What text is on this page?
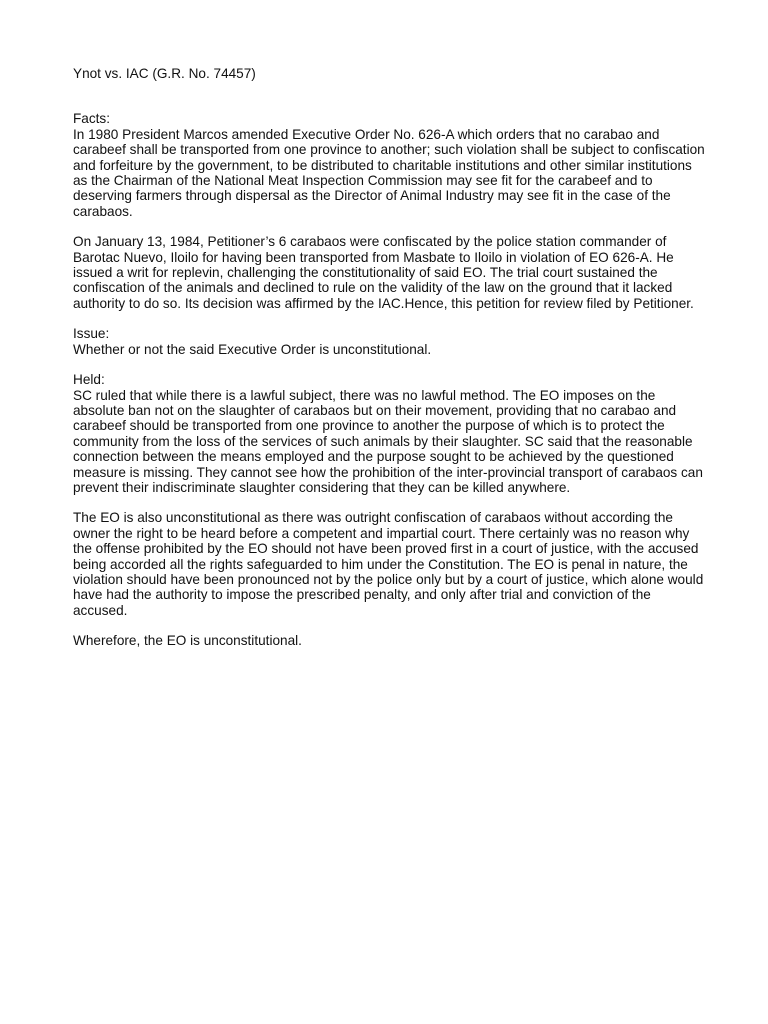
Ynot vs. IAC (G.R. No. 74457)

Facts:

In 1980 President Marcos amended Executive Order No. 626-A which orders that no carabao and carabeef shall be transported from one province to another; such violation shall be subject to confiscation and forfeiture by the government, to be distributed to charitable institutions and other similar institutions as the Chairman of the National Meat Inspection Commission may see fit for the carabeef and to deserving farmers through dispersal as the Director of Animal Industry may see fit in the case of the carabaos.

On January 13, 1984, Petitioner’s 6 carabaos were confiscated by the police station commander of Barotac Nuevo, Iloilo for having been transported from Masbate to Iloilo in violation of EO 626-A. He issued a writ for replevin, challenging the constitutionality of said EO. The trial court sustained the confiscation of the animals and declined to rule on the validity of the law on the ground that it lacked authority to do so. Its decision was affirmed by the IAC.Hence, this petition for review filed by Petitioner.

Issue:

Whether or not the said Executive Order is unconstitutional.

Held:

SC ruled that while there is a lawful subject, there was no lawful method. The EO imposes on the absolute ban not on the slaughter of carabaos but on their movement, providing that no carabao and carabeef should be transported from one province to another the purpose of which is to protect the community from the loss of the services of such animals by their slaughter. SC said that the reasonable connection between the means employed and the purpose sought to be achieved by the questioned measure is missing. They cannot see how the prohibition of the inter-provincial transport of carabaos can prevent their indiscriminate slaughter considering that they can be killed anywhere.

The EO is also unconstitutional as there was outright confiscation of carabaos without according the owner the right to be heard before a competent and impartial court. There certainly was no reason why the offense prohibited by the EO should not have been proved first in a court of justice, with the accused being accorded all the rights safeguarded to him under the Constitution. The EO is penal in nature, the violation should have been pronounced not by the police only but by a court of justice, which alone would have had the authority to impose the prescribed penalty, and only after trial and conviction of the accused.

Wherefore, the EO is unconstitutional.
